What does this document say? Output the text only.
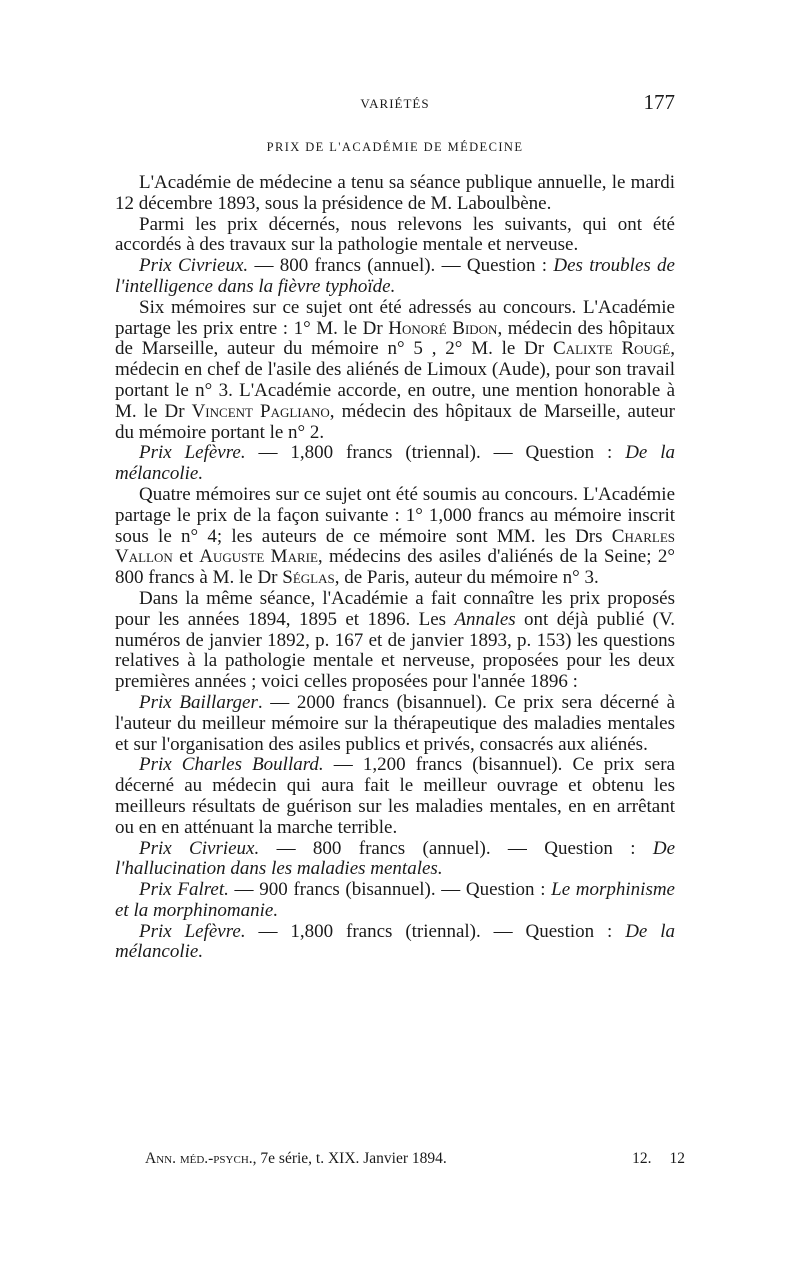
VARIÉTÉS	177
PRIX DE L'ACADÉMIE DE MÉDECINE

L'Académie de médecine a tenu sa séance publique annuelle, le mardi 12 décembre 1893, sous la présidence de M. Laboulbène.

Parmi les prix décernés, nous relevons les suivants, qui ont été accordés à des travaux sur la pathologie mentale et nerveuse.

Prix Civrieux. — 800 francs (annuel). — Question : Des troubles de l'intelligence dans la fièvre typhoïde.

Six mémoires sur ce sujet ont été adressés au concours. L'Académie partage les prix entre : 1° M. le Dr Honoré Bidon, médecin des hôpitaux de Marseille, auteur du mémoire n° 5 , 2° M. le Dr Calixte Rougé, médecin en chef de l'asile des aliénés de Limoux (Aude), pour son travail portant le n° 3. L'Académie accorde, en outre, une mention honorable à M. le Dr Vincent Pagliano, médecin des hôpitaux de Marseille, auteur du mémoire portant le n° 2.

Prix Lefèvre. — 1,800 francs (triennal). — Question : De la mélancolie.

Quatre mémoires sur ce sujet ont été soumis au concours. L'Académie partage le prix de la façon suivante : 1° 1,000 francs au mémoire inscrit sous le n° 4; les auteurs de ce mémoire sont MM. les Drs Charles Vallon et Auguste Marie, médecins des asiles d'aliénés de la Seine; 2° 800 francs à M. le Dr Séglas, de Paris, auteur du mémoire n° 3.

Dans la même séance, l'Académie a fait connaître les prix proposés pour les années 1894, 1895 et 1896. Les Annales ont déjà publié (V. numéros de janvier 1892, p. 167 et de janvier 1893, p. 153) les questions relatives à la pathologie mentale et nerveuse, proposées pour les deux premières années ; voici celles proposées pour l'année 1896 :

Prix Baillarger. — 2000 francs (bisannuel). Ce prix sera décerné à l'auteur du meilleur mémoire sur la thérapeutique des maladies mentales et sur l'organisation des asiles publics et privés, consacrés aux aliénés.

Prix Charles Boullard. — 1,200 francs (bisannuel). Ce prix sera décerné au médecin qui aura fait le meilleur ouvrage et obtenu les meilleurs résultats de guérison sur les maladies mentales, en en arrêtant ou en en atténuant la marche terrible.

Prix Civrieux. — 800 francs (annuel). — Question : De l'hallucination dans les maladies mentales.

Prix Falret. — 900 francs (bisannuel). — Question : Le morphinisme et la morphinomanie.

Prix Lefèvre. — 1,800 francs (triennal). — Question : De la mélancolie.

Ann. méd.-psych., 7e série, t. XIX. Janvier 1894.	12. 12
